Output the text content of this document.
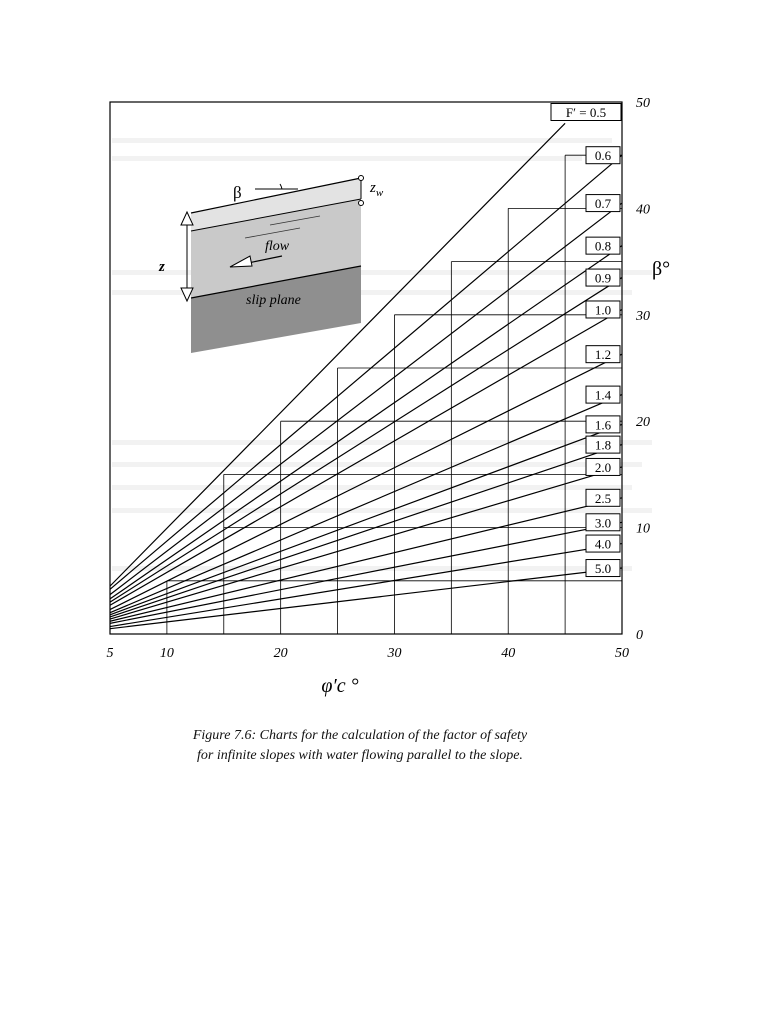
F′ = 0.5
0.6
0.7
0.8
0.9
1.0
1.2
1.4
1.6
1.8
2.0
2.5
3.0
4.0
5.0
5	10	20	30	40	50
0
10
20
30
40
50
φ′c °
β°
β	$z_w$
z
flow
slip plane
Figure 7.6: Charts for the calculation of the factor of safety
for infinite slopes with water flowing parallel to the slope.
